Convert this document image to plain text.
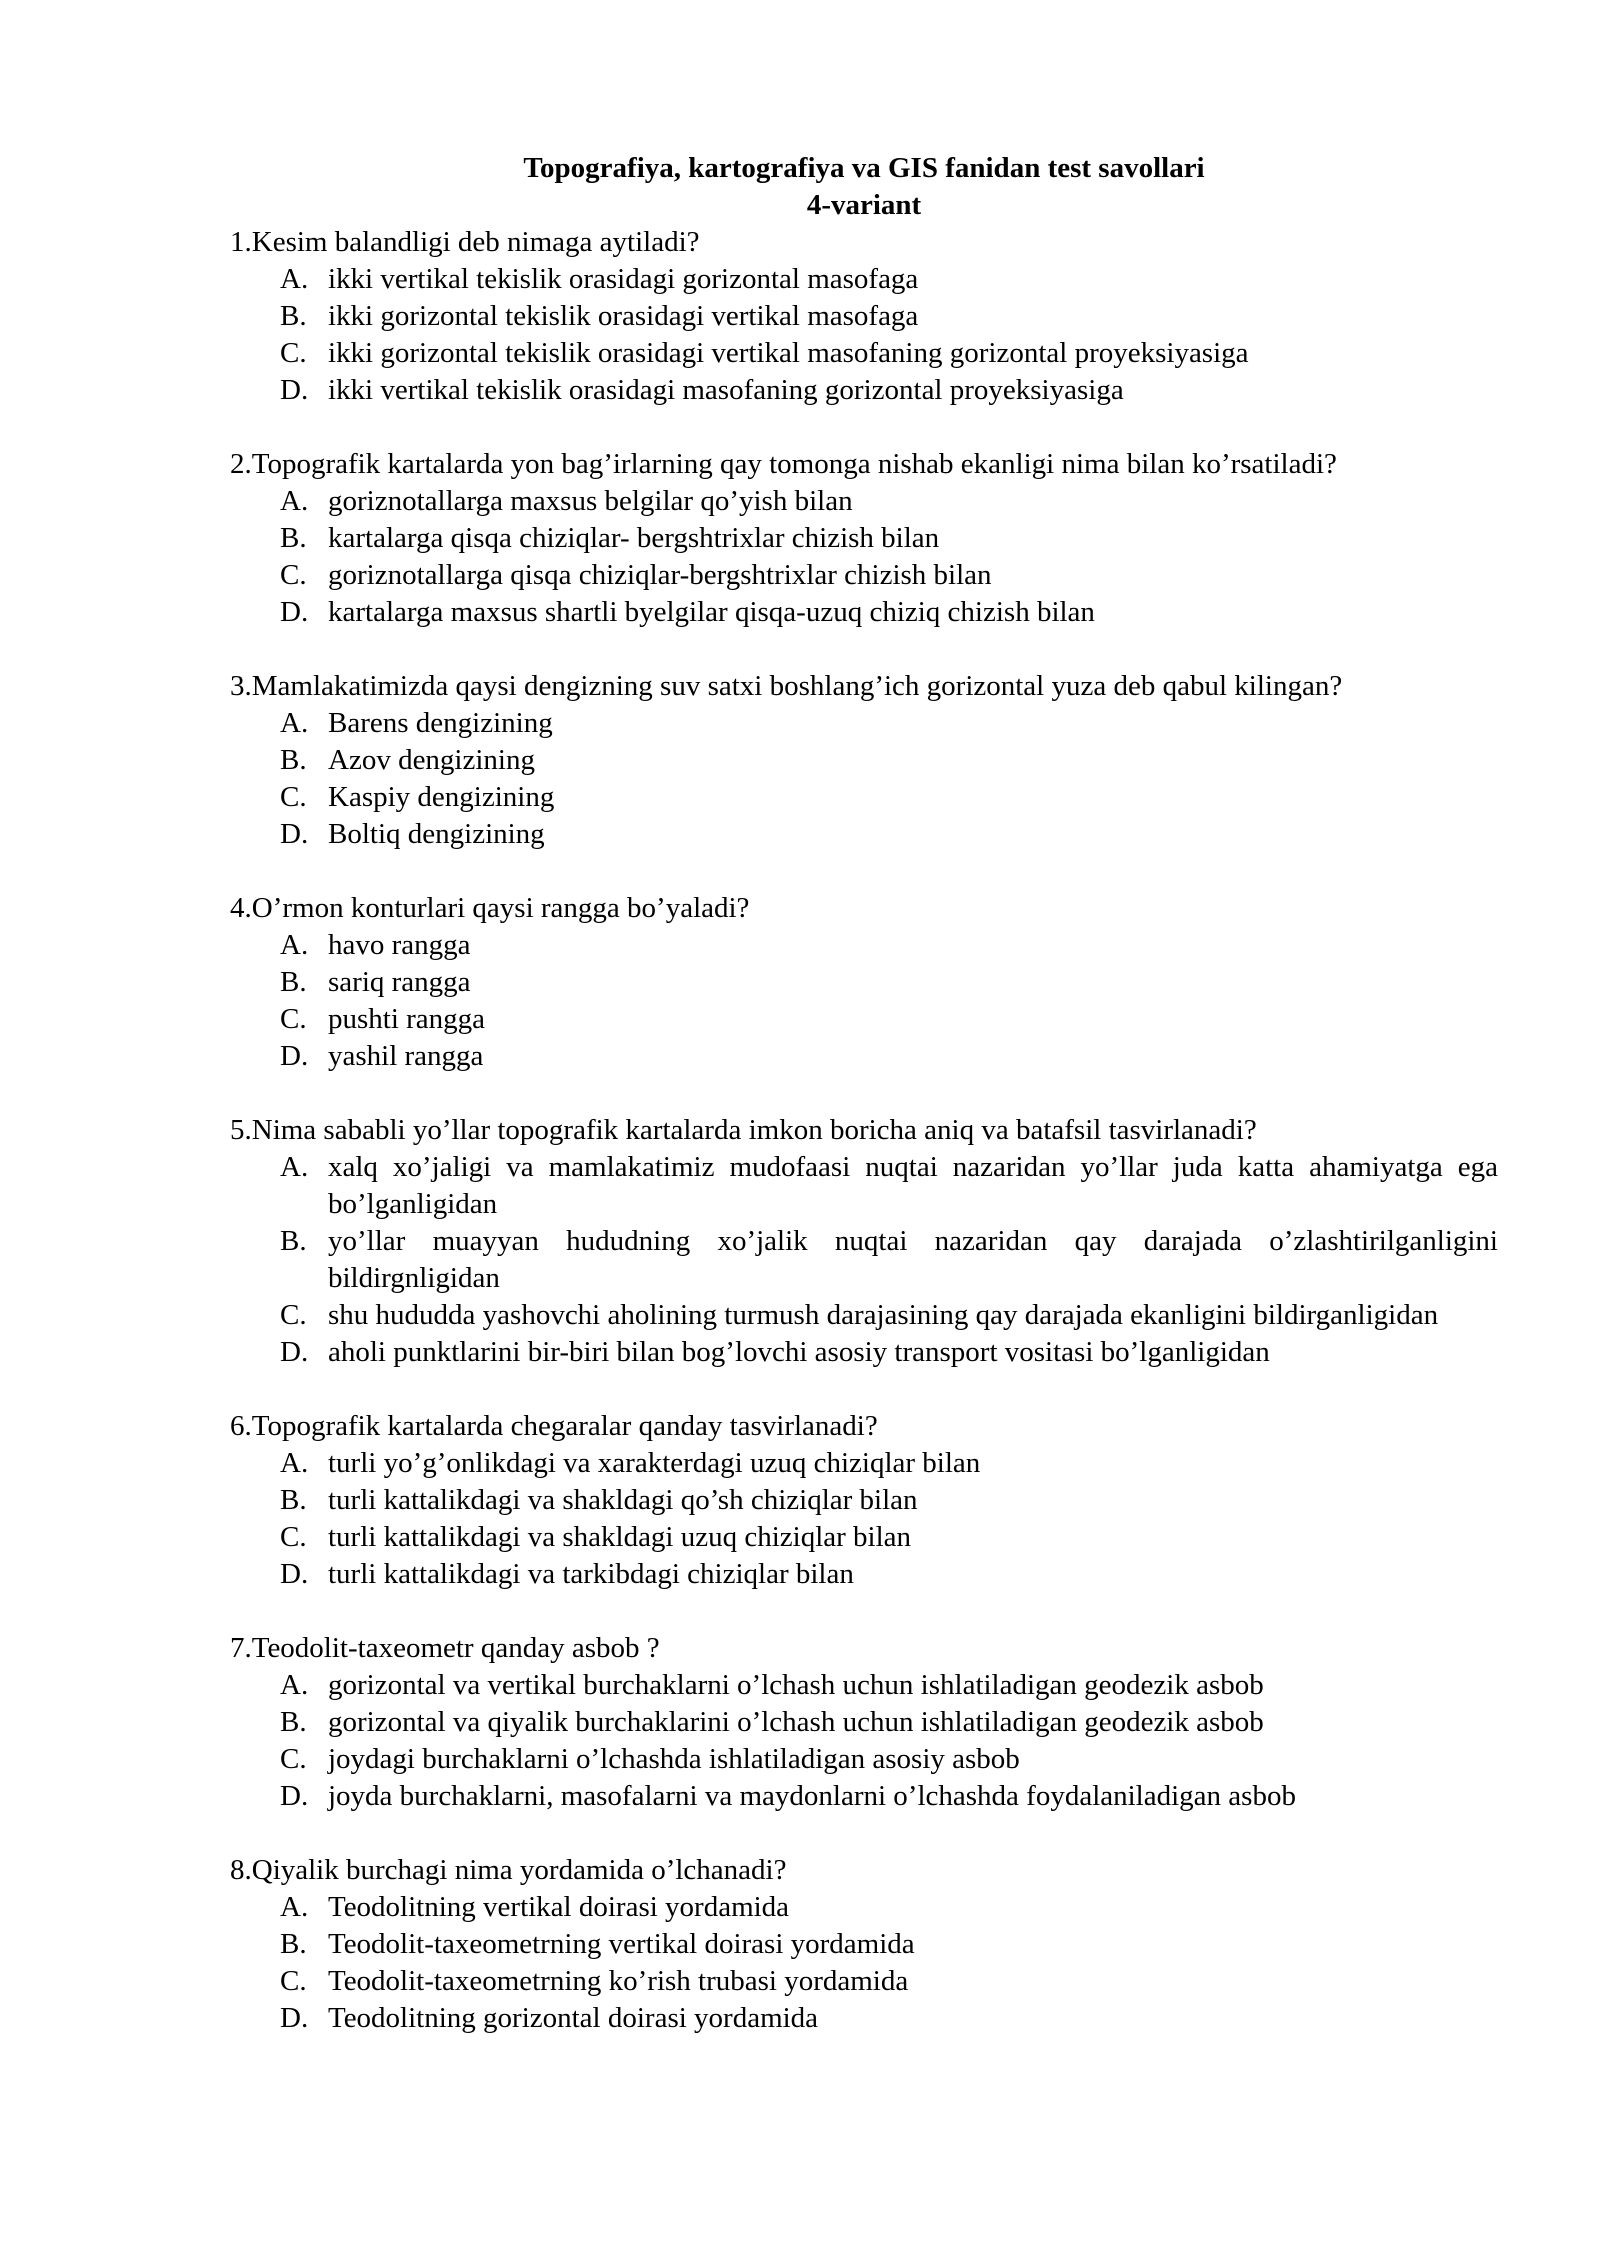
Topografiya, kartografiya va GIS fanidan test savollari

4-variant

1.Kesim balandligi deb nimaga aytiladi?

A. ikki vertikal tekislik orasidagi gorizontal masofaga
B. ikki gorizontal tekislik orasidagi vertikal masofaga
C. ikki gorizontal tekislik orasidagi vertikal masofaning gorizontal proyeksiyasiga
D. ikki vertikal tekislik orasidagi masofaning gorizontal proyeksiyasiga

2.Topografik kartalarda yon bag’irlarning qay tomonga nishab ekanligi nima bilan ko’rsatiladi?

A. goriznotallarga maxsus belgilar qo’yish bilan
B. kartalarga qisqa chiziqlar- bergshtrixlar chizish bilan
C. goriznotallarga qisqa chiziqlar-bergshtrixlar chizish bilan
D. kartalarga maxsus shartli byelgilar qisqa-uzuq chiziq chizish bilan

3.Mamlakatimizda qaysi dengizning suv satxi boshlang’ich gorizontal yuza deb qabul kilingan?

A. Barens dengizining
B. Azov dengizining
C. Kaspiy dengizining
D. Boltiq dengizining

4.O’rmon konturlari qaysi rangga bo’yaladi?

A. havo rangga
B. sariq rangga
C. pushti rangga
D. yashil rangga

5.Nima sababli yo’llar topografik kartalarda imkon boricha aniq va batafsil tasvirlanadi?

A. xalq xo’jaligi va mamlakatimiz mudofaasi nuqtai nazaridan yo’llar juda katta ahamiyatga ega bo’lganligidan
B. yo’llar muayyan hududning xo’jalik nuqtai nazaridan qay darajada o’zlashtirilganligini bildirgnligidan
C. shu hududda yashovchi aholining turmush darajasining qay darajada ekanligini bildirganligidan
D. aholi punktlarini bir-biri bilan bog’lovchi asosiy transport vositasi bo’lganligidan

6.Topografik kartalarda chegaralar qanday tasvirlanadi?

A. turli yo’g’onlikdagi va xarakterdagi uzuq chiziqlar bilan
B. turli kattalikdagi va shakldagi qo’sh chiziqlar bilan
C. turli kattalikdagi va shakldagi uzuq chiziqlar bilan
D. turli kattalikdagi va tarkibdagi chiziqlar bilan

7.Teodolit-taxeometr qanday asbob ?

A. gorizontal va vertikal burchaklarni o’lchash uchun ishlatiladigan geodezik asbob
B. gorizontal va qiyalik burchaklarini o’lchash uchun ishlatiladigan geodezik asbob
C. joydagi burchaklarni o’lchashda ishlatiladigan asosiy asbob
D. joyda burchaklarni, masofalarni va maydonlarni o’lchashda foydalaniladigan asbob

8.Qiyalik burchagi nima yordamida o’lchanadi?

A. Teodolitning vertikal doirasi yordamida
B. Teodolit-taxeometrning vertikal doirasi yordamida
C. Teodolit-taxeometrning ko’rish trubasi yordamida
D. Teodolitning gorizontal doirasi yordamida
